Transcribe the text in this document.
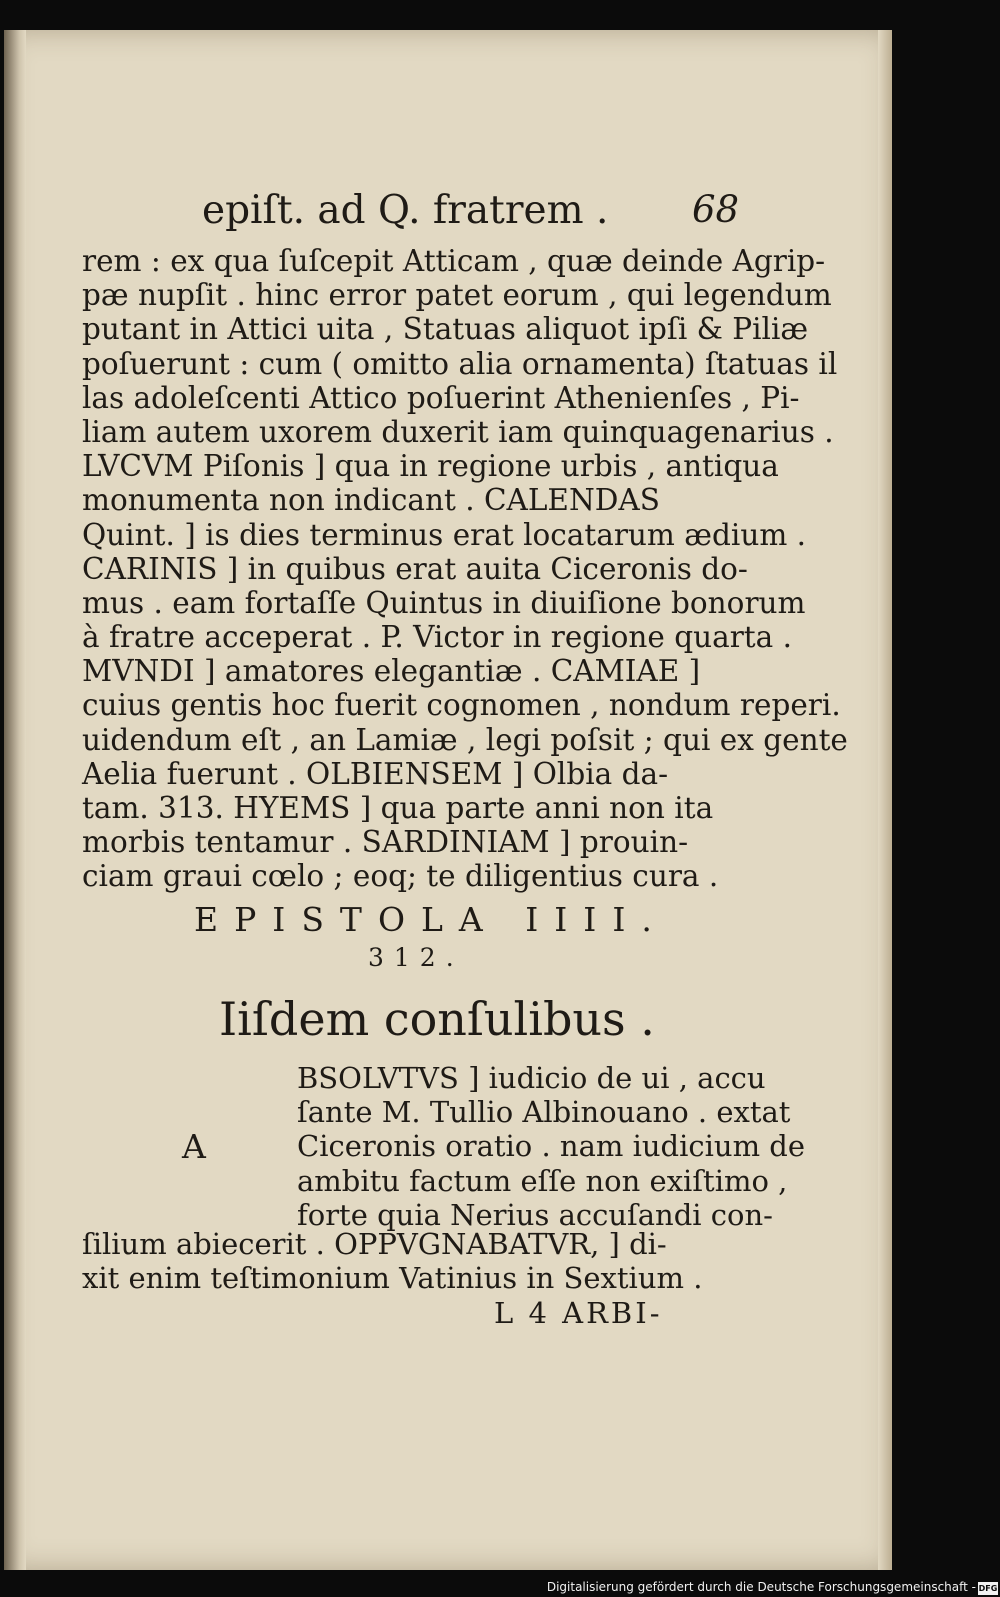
epiſt. ad Q. fratrem . 68
rem : ex qua ſuſcepit Atticam , quæ deinde Agrip-
pæ nupſit . hinc error patet eorum , qui legendum
putant in Attici uita , Statuas aliquot ipſi & Piliæ
poſuerunt : cum ( omitto alia ornamenta) ſtatuas il
las adoleſcenti Attico poſuerint Athenienſes , Pi-
liam autem uxorem duxerit iam quinquagenarius .
LVCVM Piſonis ] qua in regione urbis , antiqua
monumenta non indicant . CALENDAS
Quint. ] is dies terminus erat locatarum ædium .
CARINIS ] in quibus erat auita Ciceronis do-
mus . eam fortaſſe Quintus in diuiſione bonorum
à fratre acceperat . P. Victor in regione quarta .
MVNDI ] amatores elegantiæ . CAMIAE ]
cuius gentis hoc fuerit cognomen , nondum reperi.
uidendum eſt , an Lamiæ , legi poſsit ; qui ex gente
Aelia fuerunt . OLBIENSEM ] Olbia da-
tam. 313. HYEMS ] qua parte anni non ita
morbis tentamur . SARDINIAM ] prouin-
ciam graui cœlo ; eoq; te diligentius cura .
EPISTOLA IIII.
312.
Iiſdem conſulibus .
A
BSOLVTVS ] iudicio de ui , accu
ſante M. Tullio Albinouano . extat
Ciceronis oratio . nam iudicium de
ambitu factum eſſe non exiſtimo ,
forte quia Nerius accuſandi con-
ſilium abiecerit . OPPVGNABATVR, ] di-
xit enim teſtimonium Vatinius in Sextium .
L 4 ARBI-
Digitalisierung gefördert durch die Deutsche Forschungsgemeinschaft - DFG
